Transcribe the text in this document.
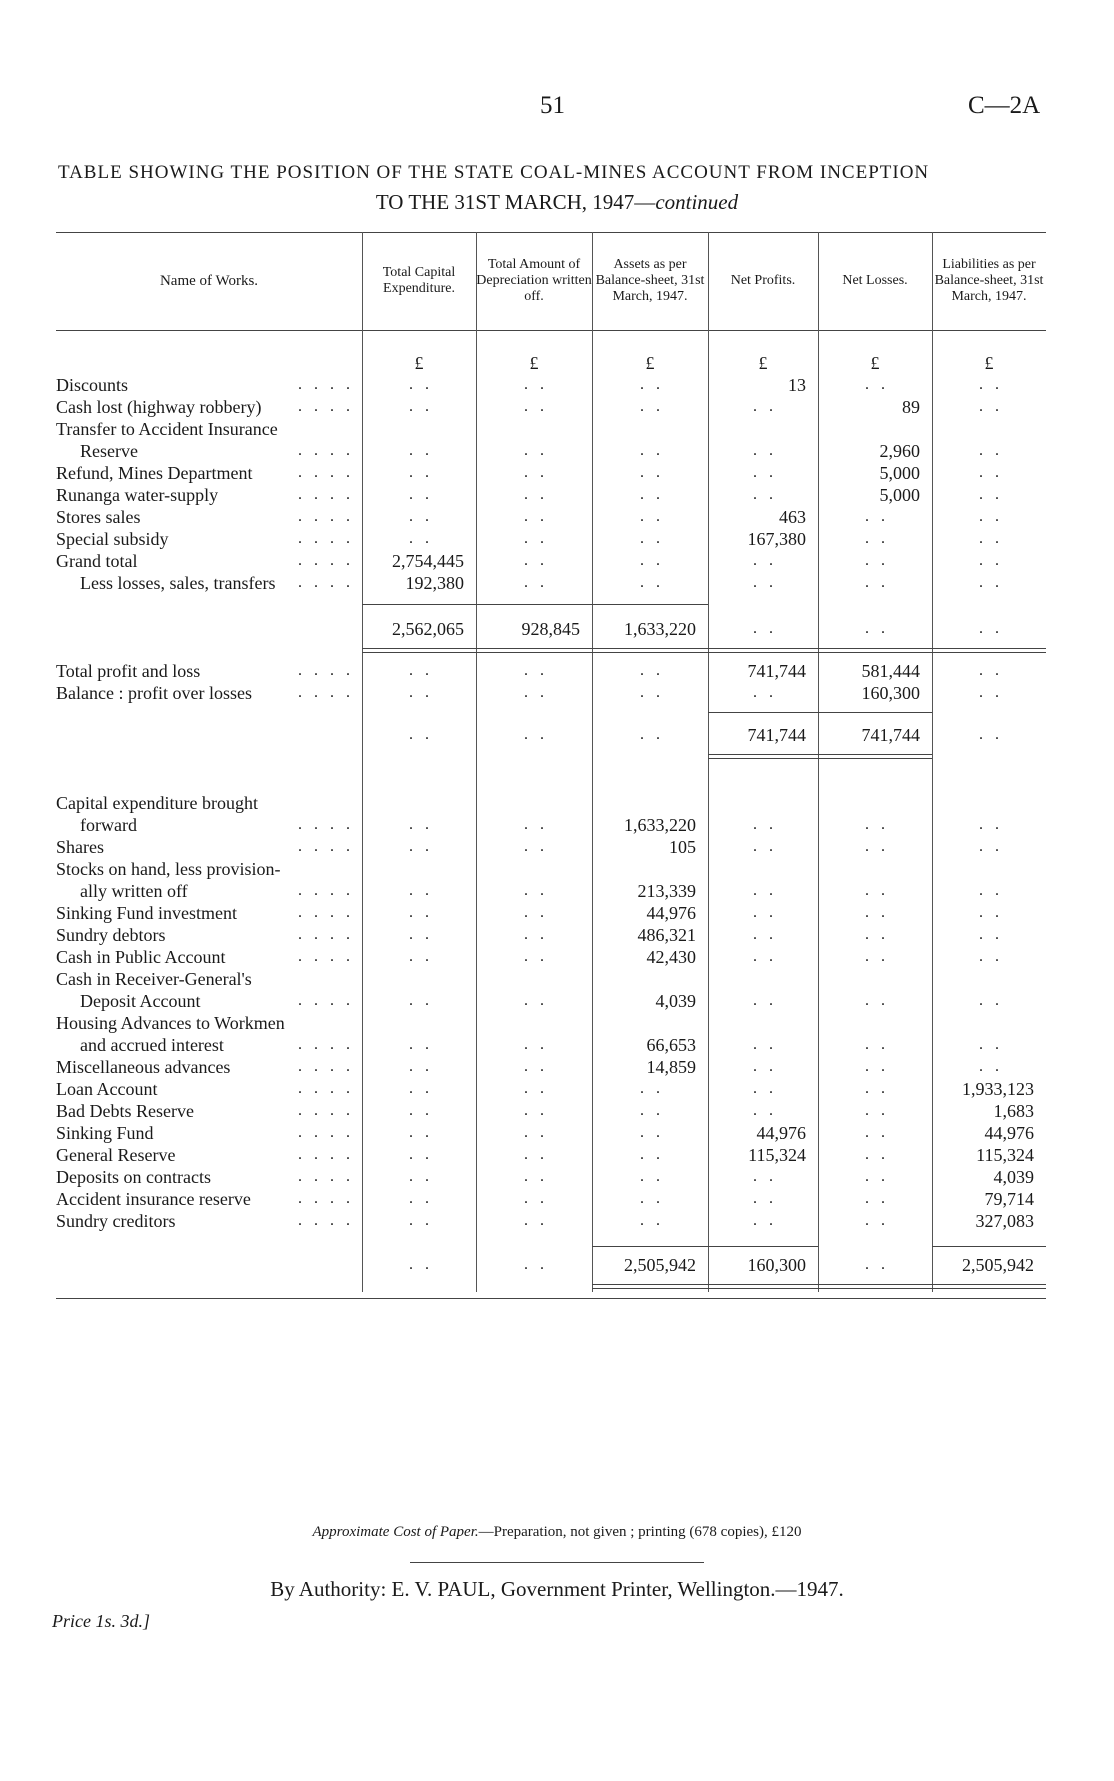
51	C—2A
TABLE SHOWING THE POSITION OF THE STATE COAL-MINES ACCOUNT FROM INCEPTION
TO THE 31ST MARCH, 1947—continued
Name of Works.
Total Capital Expenditure.
Total Amount of Depreciation written off.
Assets as per Balance-sheet, 31st March, 1947.
Net Profits.	Net Losses.
Liabilities as per Balance-sheet, 31st March, 1947.
£	£	£	£	£	£
Discounts	. . . .	. .	. .	. .	13	. .	. .
Cash lost (highway robbery) . . . .	. .	. .	. .	. .	89	. .
Transfer to Accident Insurance
Reserve	. . . .	. .	. .	. .	. .	2,960	. .
Refund, Mines Department	. . . .	. .	. .	. .	. .	5,000	. .
Runanga water-supply	. . . .	. .	. .	. .	. .	5,000	. .
Stores sales	. . . .	. .	. .	. .	463	. .	. .
Special subsidy	. . . .	. .	. .	. .	167,380	. .	. .
Grand total	. . . .	2,754,445	. .	. .	. .	. .	. .
Less losses, sales, transfers . . . .	192,380	. .	. .	. .	. .	. .
2,562,065	928,845	1,633,220	. .	. .	. .
Total profit and loss	. . . .	. .	. .	. .	741,744	581,444	. .
Balance : profit over losses	. . . .	. .	. .	. .	. .	160,300	. .
. .	. .	. .	741,744	741,744	. .
Capital expenditure brought
forward	. . . .	. .	. .	1,633,220	. .	. .	. .
Shares	. . . .	. .	. .	105	. .	. .	. .
Stocks on hand, less provision-
ally written off	. . . .	. .	. .	213,339	. .	. .	. .
Sinking Fund investment	. . . .	. .	. .	44,976	. .	. .	. .
Sundry debtors	. . . .	. .	. .	486,321	. .	. .	. .
Cash in Public Account	. . . .	. .	. .	42,430	. .	. .	. .
Cash in Receiver-General's
Deposit Account	. . . .	. .	. .	4,039	. .	. .	. .
Housing Advances to Workmen
and accrued interest	. . . .	. .	. .	66,653	. .	. .	. .
Miscellaneous advances	. . . .	. .	. .	14,859	. .	. .	. .
Loan Account	. . . .	. .	. .	. .	. .	. .	1,933,123
Bad Debts Reserve	. . . .	. .	. .	. .	. .	. .	1,683
Sinking Fund	. . . .	. .	. .	. .	44,976	. .	44,976
General Reserve	. . . .	. .	. .	. .	115,324	. .	115,324
Deposits on contracts	. . . .	. .	. .	. .	. .	. .	4,039
Accident insurance reserve	. . . .	. .	. .	. .	. .	. .	79,714
Sundry creditors	. . . .	. .	. .	. .	. .	. .	327,083
. .	. .	2,505,942	160,300	. .	2,505,942
Approximate Cost of Paper.—Preparation, not given ; printing (678 copies), £120
By Authority: E. V. PAUL, Government Printer, Wellington.—1947.
Price 1s. 3d.]
